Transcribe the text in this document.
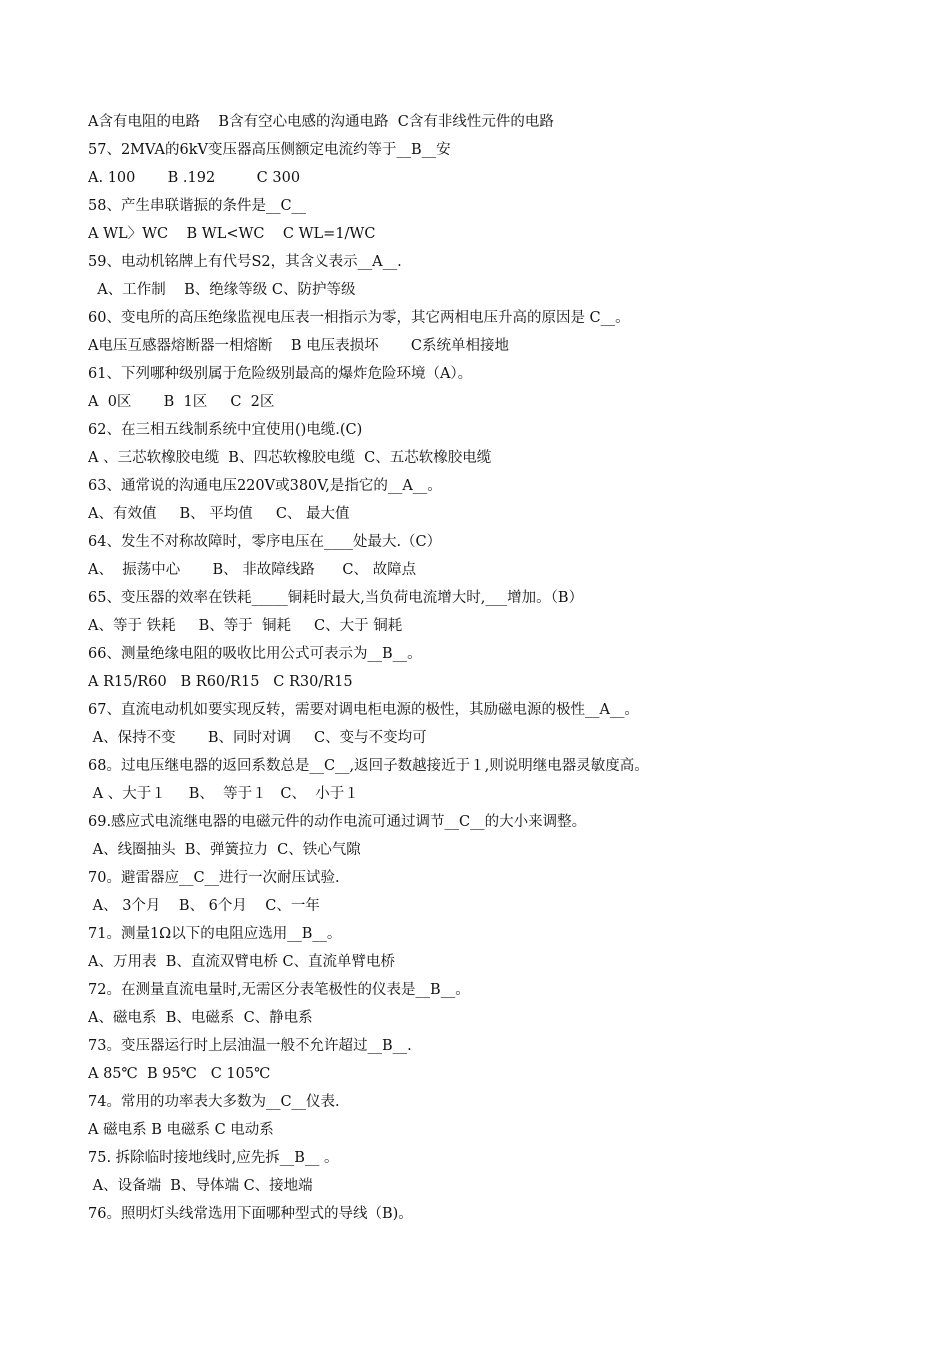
A含有电阻的电路    B含有空心电感的沟通电路  C含有非线性元件的电路
57、2MVA的6kV变压器高压侧额定电流约等于__B__安
A. 100       B .192         C 300
58、产生串联谐振的条件是__C__
A WL〉WC    B WL<WC    C WL=1/WC
59、电动机铭牌上有代号S2，其含义表示__A__.
A、工作制    B、绝缘等级 C、防护等级
60、变电所的高压绝缘监视电压表一相指示为零，其它两相电压升高的原因是 C__。
A电压互感器熔断器一相熔断    B 电压表损坏       C系统单相接地
61、下列哪种级别属于危险级别最高的爆炸危险环境（A）。
A  0区       B  1区     C  2区
62、在三相五线制系统中宜使用()电缆.(C)
A 、三芯软橡胶电缆  B、四芯软橡胶电缆  C、五芯软橡胶电缆
63、通常说的沟通电压220V或380V,是指它的__A__。
A、有效值     B、 平均值     C、 最大值
64、发生不对称故障时，零序电压在____处最大.（C）
A、  振荡中心       B、 非故障线路      C、 故障点
65、变压器的效率在铁耗_____铜耗时最大,当负荷电流增大时,___增加。（B）
A、等于 铁耗     B、等于  铜耗     C、大于 铜耗
66、测量绝缘电阻的吸收比用公式可表示为__B__。
A R15/R60   B R60/R15   C R30/R15
67、直流电动机如要实现反转，需要对调电柜电源的极性，其励磁电源的极性__A__。
A、保持不变       B、同时对调     C、变与不变均可
68。过电压继电器的返回系数总是__C__,返回子数越接近于１,则说明继电器灵敏度高。
A 、大于１     B、  等于１   C、  小于１
69.感应式电流继电器的电磁元件的动作电流可通过调节__C__的大小来调整。
A、线圈抽头  B、弹簧拉力  C、铁心气隙
70。避雷器应__C__进行一次耐压试验.
A、 3个月    B、 6个月    C、一年
71。测量1Ω以下的电阻应选用__B__。
A、万用表  B、直流双臂电桥 C、直流单臂电桥
72。在测量直流电量时,无需区分表笔极性的仪表是__B__。
A、磁电系  B、电磁系  C、静电系
73。变压器运行时上层油温一般不允许超过__B__.
A 85℃  B 95℃   C 105℃
74。常用的功率表大多数为__C__仪表.
A 磁电系 B 电磁系 C 电动系
75. 拆除临时接地线时,应先拆__B__ 。
A、设备端  B、导体端 C、接地端
76。照明灯头线常选用下面哪种型式的导线（B)。
